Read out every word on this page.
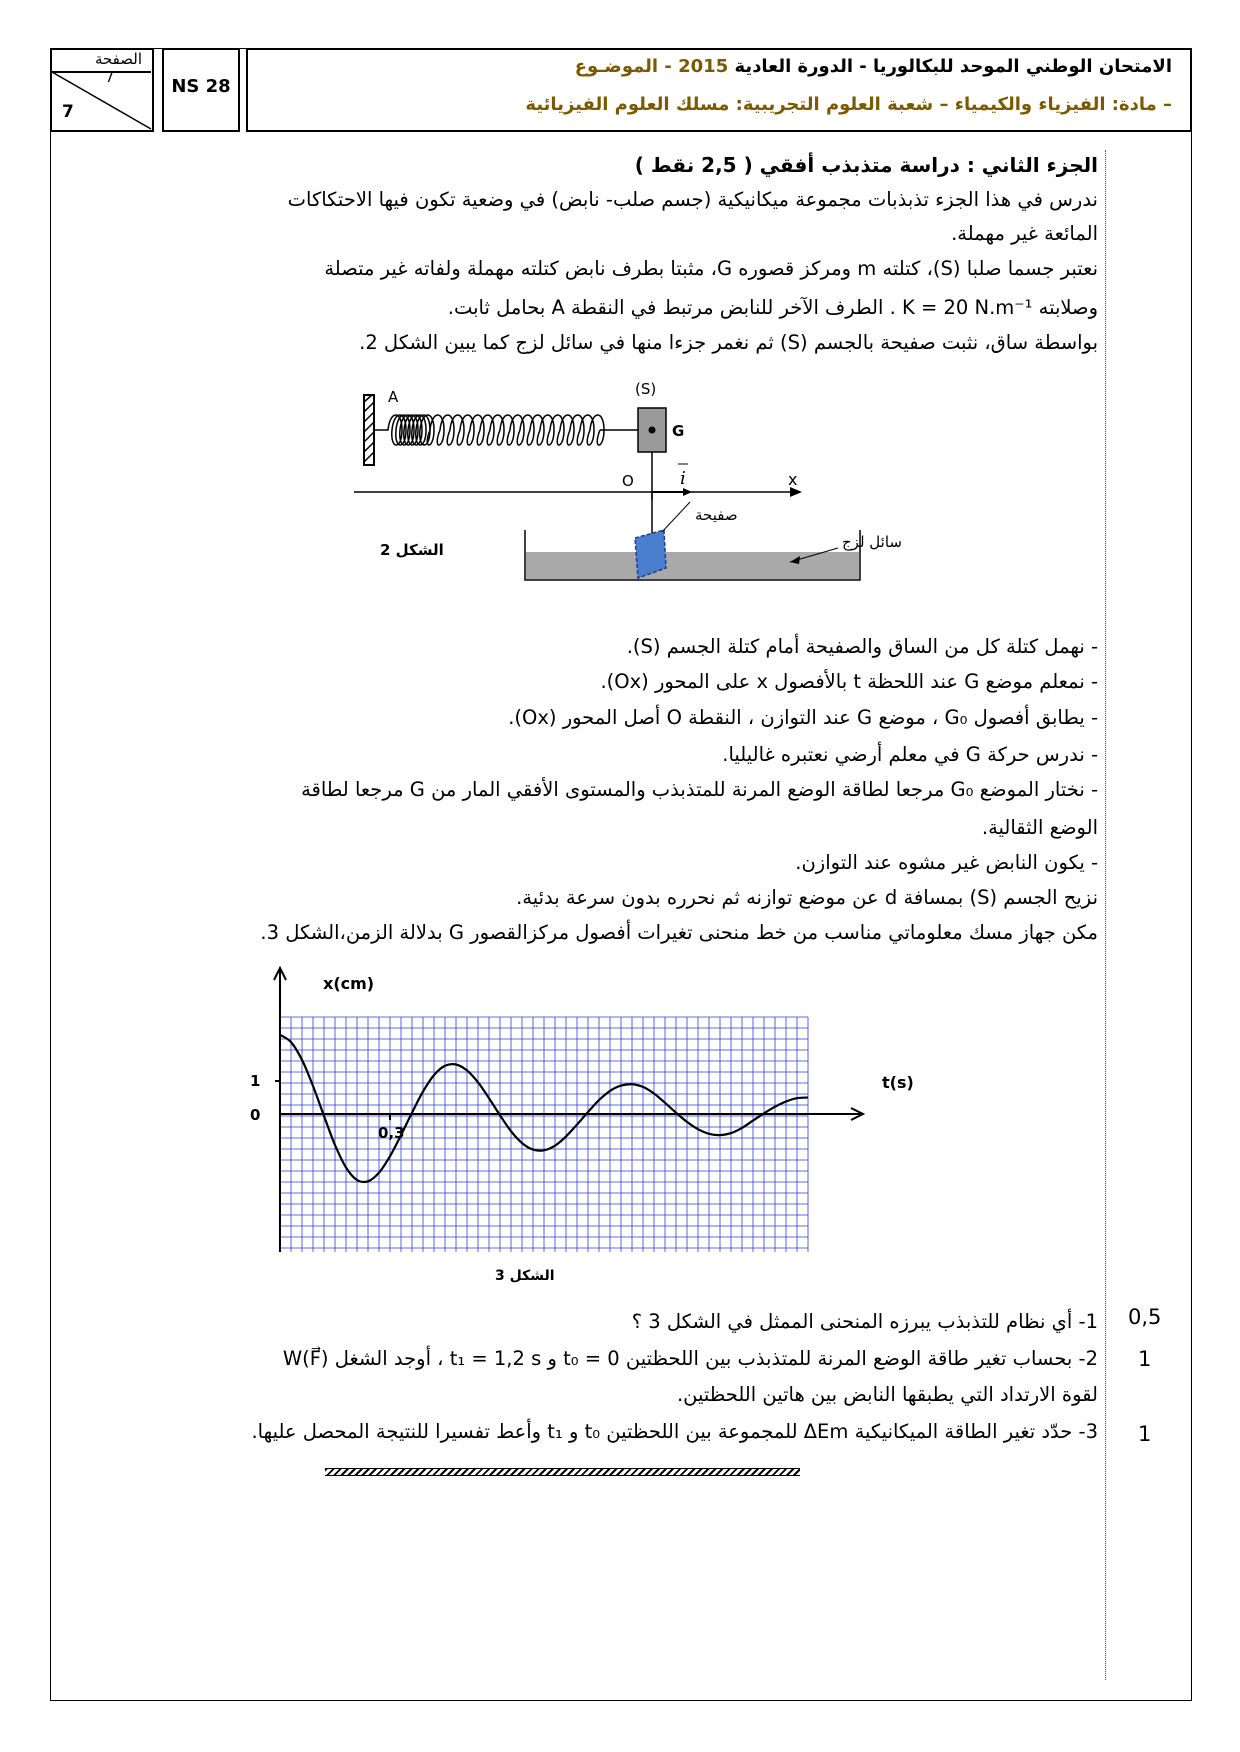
الصفحة
7
7
NS 28
الامتحان الوطني الموحد للبكالوريا - الدورة العادية 2015 - الموضـوع
– مادة: الفيزياء والكيمياء – شعبة العلوم التجريبية: مسلك العلوم الفيزيائية
الجزء الثاني : دراسة متذبذب أفقي ( 2,5 نقط )
ندرس في هذا الجزء تذبذبات مجموعة ميكانيكية (جسم صلب- نابض) في وضعية تكون فيها الاحتكاكات
المائعة غير مهملة.
نعتبر جسما صلبا (S)، كتلته m ومركز قصوره G، مثبتا بطرف نابض كتلته مهملة ولفاته غير متصلة
وصلابته K = 20 N.m⁻¹ . الطرف الآخر للنابض مرتبط في النقطة A بحامل ثابت.
بواسطة ساق، نثبت صفيحة بالجسم (S) ثم نغمر جزءا منها في سائل لزج كما يبين الشكل 2.
A	(S)
G
O	i	x
صفيحة
سائل لزج
الشكل 2
- نهمل كتلة كل من الساق والصفيحة أمام كتلة الجسم (S).
- نمعلم موضع G عند اللحظة t بالأفصول x على المحور (Ox).
- يطابق أفصول G₀ ، موضع G عند التوازن ، النقطة O أصل المحور (Ox).
- ندرس حركة G في معلم أرضي نعتبره غاليليا.
- نختار الموضع G₀ مرجعا لطاقة الوضع المرنة للمتذبذب والمستوى الأفقي المار من G مرجعا لطاقة
الوضع الثقالية.
- يكون النابض غير مشوه عند التوازن.
نزيح الجسم (S) بمسافة d عن موضع توازنه ثم نحرره بدون سرعة بدئية.
مكن جهاز مسك معلوماتي مناسب من خط منحنى تغيرات أفصول مركزالقصور G بدلالة الزمن،الشكل 3.
x(cm)
t(s)
1
0
0,3
الشكل 3
0,5
1- أي نظام للتذبذب يبرزه المنحنى الممثل في الشكل 3 ؟
1
2- بحساب تغير طاقة الوضع المرنة للمتذبذب بين اللحظتين t₀ = 0 و t₁ = 1,2 s ، أوجد الشغل W(F⃗)
لقوة الارتداد التي يطبقها النابض بين هاتين اللحظتين.
1
3- حدّد تغير الطاقة الميكانيكية ΔEm للمجموعة بين اللحظتين t₀ و t₁ وأعط تفسيرا للنتيجة المحصل عليها.
